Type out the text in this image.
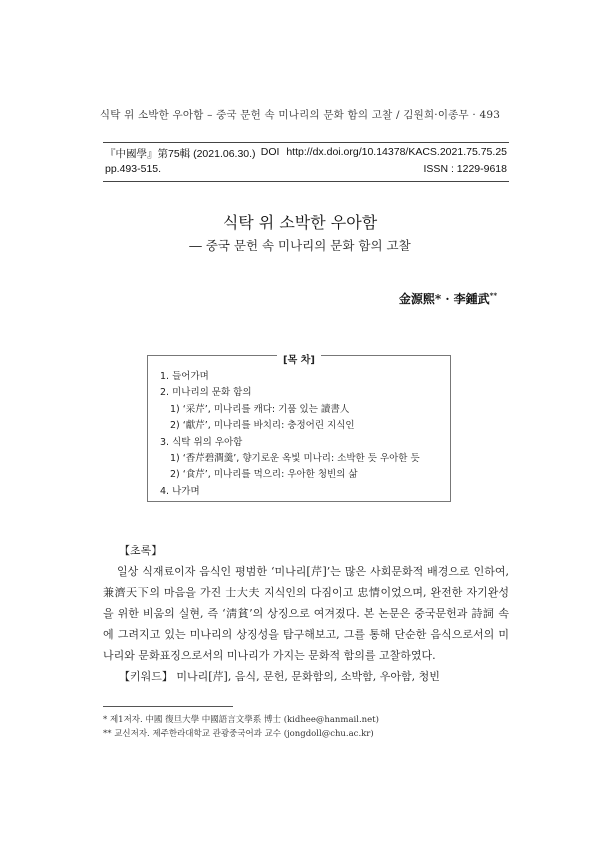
식탁 위 소박한 우아함 – 중국 문헌 속 미나리의 문화 함의 고찰 / 김원희·이종무 · 493
『中國學』第75輯 (2021.06.30.) DOI http://dx.doi.org/10.14378/KACS.2021.75.75.25
pp.493-515.	ISSN : 1229-9618
식탁 위 소박한 우아함
― 중국 문헌 속 미나리의 문화 함의 고찰
金源熙* · 李鍾武**
[목 차]
1. 들어가며
2. 미나리의 문화 함의
1) ‘采芹’, 미나리를 캐다: 기품 있는 讀書人
2) ‘獻芹’, 미나리를 바치리: 충정어린 지식인
3. 식탁 위의 우아함
1) ‘香芹碧澗羹’, 향기로운 옥빛 미나리: 소박한 듯 우아한 듯
2) ‘食芹’, 미나리를 먹으리: 우아한 청빈의 삶
4. 나가며
【초록】

일상 식재료이자 음식인 평범한 ‘미나리[芹]’는 많은 사회문화적 배경으로 인하여, 兼濟天下의 마음을 가진 士大夫 지식인의 다짐이고 忠情이었으며, 완전한 자기완성을 위한 비움의 실현, 즉 ‘淸貧’의 상징으로 여겨졌다. 본 논문은 중국문헌과 詩詞 속에 그려지고 있는 미나리의 상징성을 탐구해보고, 그를 통해 단순한 음식으로서의 미나리와 문화표징으로서의 미나리가 가지는 문화적 함의를 고찰하였다.

【키워드】 미나리[芹], 음식, 문헌, 문화함의, 소박함, 우아함, 청빈
* 제1저자. 中國 復旦大學 中國語言文學系 博士 (kidhee@hanmail.net)
** 교신저자. 제주한라대학교 관광중국어과 교수 (jongdoll@chu.ac.kr)
